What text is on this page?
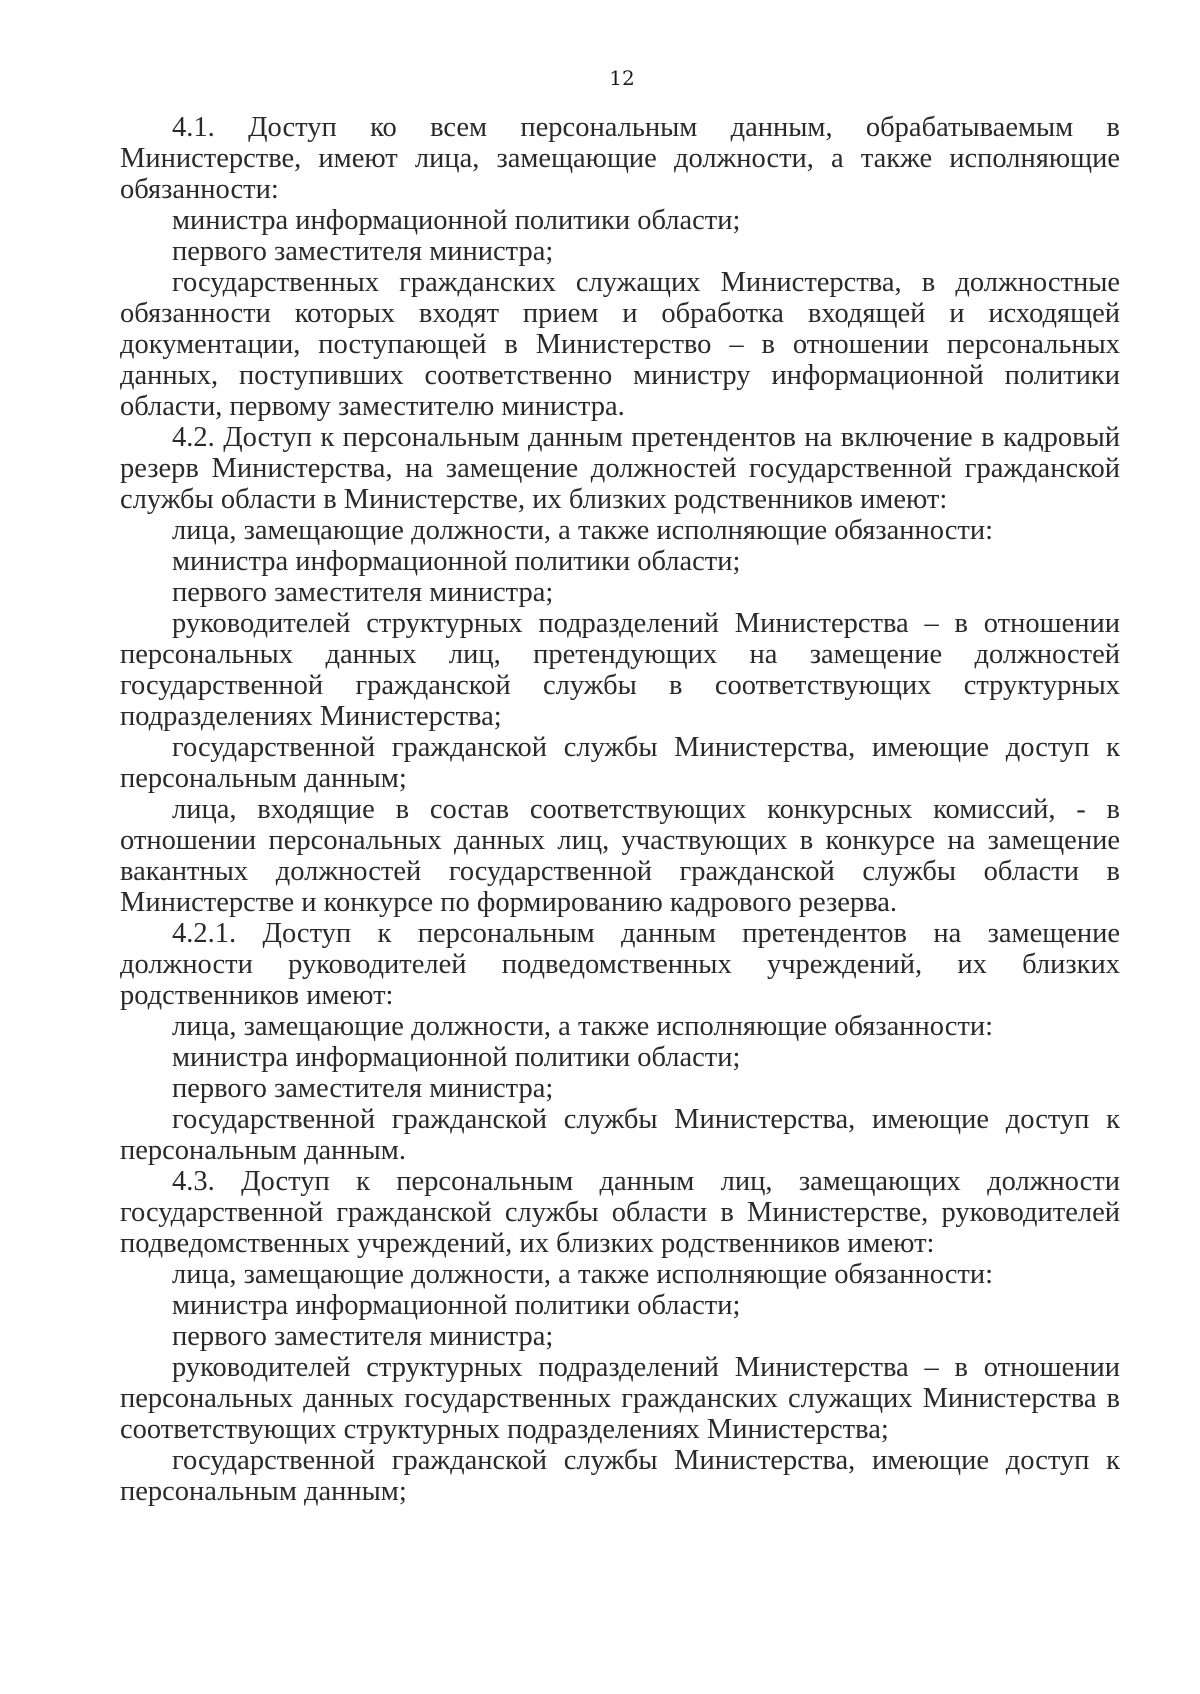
12

4.1. Доступ ко всем персональным данным, обрабатываемым в Министерстве, имеют лица, замещающие должности, а также исполняющие обязанности:

министра информационной политики области;

первого заместителя министра;

государственных гражданских служащих Министерства, в должностные обязанности которых входят прием и обработка входящей и исходящей документации, поступающей в Министерство – в отношении персональных данных, поступивших соответственно министру информационной политики области, первому заместителю министра.

4.2. Доступ к персональным данным претендентов на включение в кадровый резерв Министерства, на замещение должностей государственной гражданской службы области в Министерстве, их близких родственников имеют:

лица, замещающие должности, а также исполняющие обязанности:

министра информационной политики области;

первого заместителя министра;

руководителей структурных подразделений Министерства – в отношении персональных данных лиц, претендующих на замещение должностей государственной гражданской службы в соответствующих структурных подразделениях Министерства;

государственной гражданской службы Министерства, имеющие доступ к персональным данным;

лица, входящие в состав соответствующих конкурсных комиссий, - в отношении персональных данных лиц, участвующих в конкурсе на замещение вакантных должностей государственной гражданской службы области в Министерстве и конкурсе по формированию кадрового резерва.

4.2.1. Доступ к персональным данным претендентов на замещение должности руководителей подведомственных учреждений, их близких родственников имеют:

лица, замещающие должности, а также исполняющие обязанности:

министра информационной политики области;

первого заместителя министра;

государственной гражданской службы Министерства, имеющие доступ к персональным данным.

4.3. Доступ к персональным данным лиц, замещающих должности государственной гражданской службы области в Министерстве, руководителей подведомственных учреждений, их близких родственников имеют:

лица, замещающие должности, а также исполняющие обязанности:

министра информационной политики области;

первого заместителя министра;

руководителей структурных подразделений Министерства – в отношении персональных данных государственных гражданских служащих Министерства в соответствующих структурных подразделениях Министерства;

государственной гражданской службы Министерства, имеющие доступ к персональным данным;
